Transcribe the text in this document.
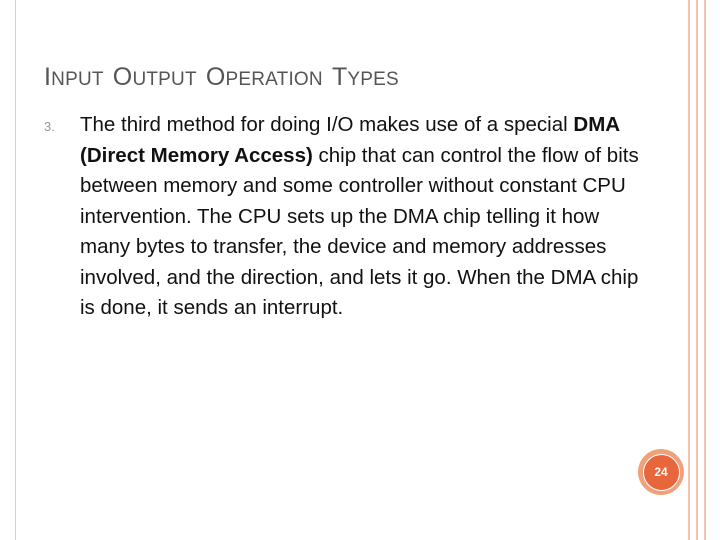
INPUT OUTPUT OPERATION TYPES
3. The third method for doing I/O makes use of a special DMA (Direct Memory Access) chip that can control the flow of bits between memory and some controller without constant CPU intervention. The CPU sets up the DMA chip telling it how many bytes to transfer, the device and memory addresses involved, and the direction, and lets it go. When the DMA chip is done, it sends an interrupt.

24
